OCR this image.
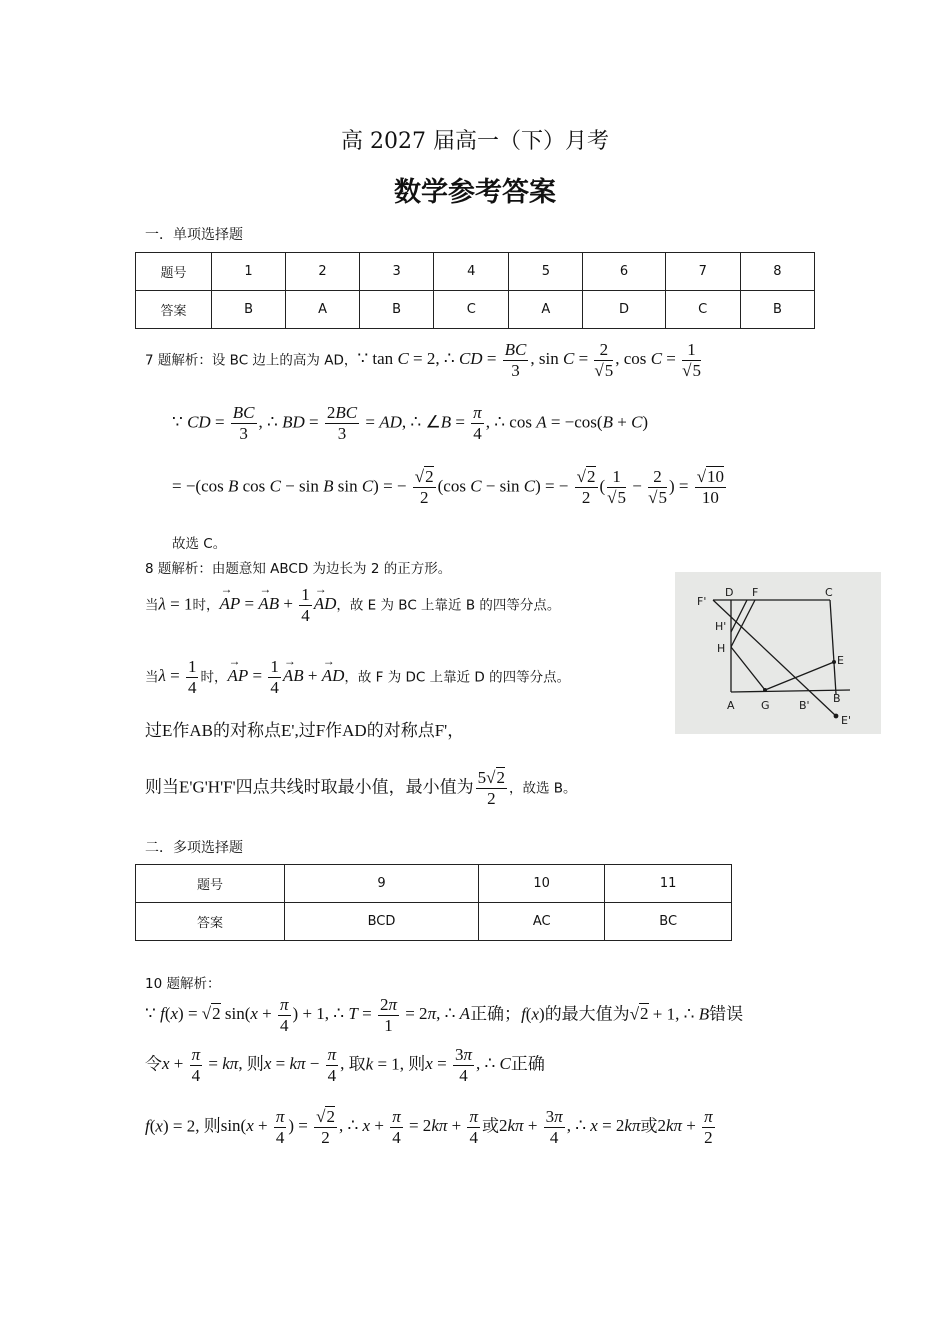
高 2027 届高一（下）月考
数学参考答案
一．单项选择题
题号	1	2	3	4	5	6	7	8
答案	B	A	B	C	A	D	C	B
7 题解析：设 BC 边上的高为 AD，∵ tan C = 2, ∴ CD = $\frac{BC}{3}$ , $\sin C = \frac{2}{√5}$ , $\cos C = \frac{1}{√5}$
∵ CD = $\frac{BC}{3}$ , ∴ BD = $\frac{2BC}{3}$ = AD, ∴ ∠B = $\frac{\pi}{4}$ , ∴ cos A = −cos(B + C)
= −(cos B cos C − sin B sin C) = − $\frac{√2}{2} (\cos$ C − sin C) = − $\frac{√2}{2}$ ( $\frac{1}{√5} - \frac{2}{√5}$ ) = $\frac{√10}{10}$
故选 C。
8 题解析：由题意知 ABCD 为边长为 2 的正方形。
当λ = 1时，→ AP = → AB + $\frac{1}{4}$ → AD，故 E 为 BC 上靠近 B 的四等分点。
当$\lambda = \frac{1}{4}$ 时，→ AP = $\frac{1}{4}$ → AB + → AD，故 F 为 DC 上靠近 D 的四等分点。
过E作AB的对称点E',过F作AD的对称点F'，
则当E'G'H'F'四点共线时取最小值，最小值为 $\frac{5√2}{2}$ ，故选 B。
F'
D F	C
H'
H
E
A G	B'
B
E'
二．多项选择题
题号	9	10	11
答案	BCD	AC	BC
10 题解析：
∵ f(x) = √2 $\sin(x + \frac{\pi}{4}$ ) + 1, ∴ $T = \frac{2\pi}{1} = 2\pi$, ∴ A正确；f(x)的最大值为√2 + 1, ∴ B错误
令$x + \frac{\pi}{4} = k\pi$, 则$x = k\pi - \frac{\pi}{4}$ , 取k = 1, 则$x = \frac{3\pi}{4}$ , ∴ C正确
f(x) = 2, 则$\sin(x + \frac{\pi}{4}$ ) = $\frac{√2}{2}$ , ∴ $x + \frac{\pi}{4} = 2k\pi + \frac{\pi}{4}$ 或$2k\pi + \frac{3\pi}{4}$ , ∴ x = 2kπ或$2k\pi + \frac{\pi}{2}$
